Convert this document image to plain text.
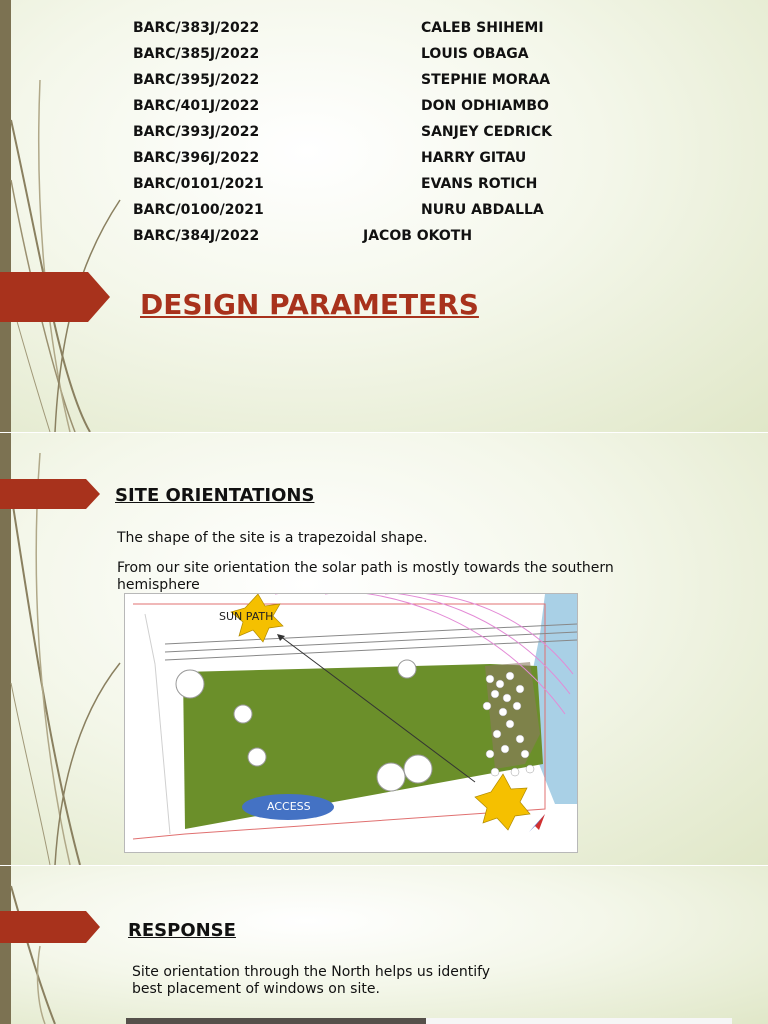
BARC/383J/2022	CALEB SHIHEMI
BARC/385J/2022	LOUIS OBAGA
BARC/395J/2022	STEPHIE MORAA
BARC/401J/2022	DON ODHIAMBO
BARC/393J/2022	SANJEY CEDRICK
BARC/396J/2022	HARRY GITAU
BARC/0101/2021	EVANS ROTICH
BARC/0100/2021	NURU ABDALLA
BARC/384J/2022	JACOB OKOTH
DESIGN PARAMETERS
SITE ORIENTATIONS
The shape of the site is a trapezoidal shape.
From our site orientation the solar path is mostly towards the southern hemisphere
SUN PATH
ACCESS
RESPONSE
Site orientation through the North helps us identify best placement of windows on site.
